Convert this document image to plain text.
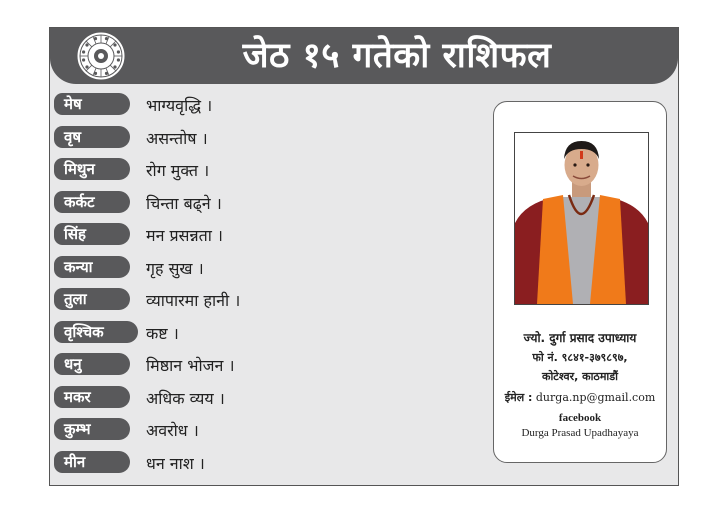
जेठ १५ गतेको राशिफल
मेष	भाग्यवृद्धि ।
वृष	असन्तोष ।
मिथुन	रोग मुक्त ।
कर्कट	चिन्ता बढ्ने ।
सिंह	मन प्रसन्नता ।
कन्या	गृह सुख ।
तुला	व्यापारमा हानी ।
वृश्चिक	कष्ट ।
धनु	मिष्ठान भोजन ।
मकर	अधिक व्यय ।
कुम्भ	अवरोध ।
मीन	धन नाश ।
ज्यो. दुर्गा प्रसाद उपाध्याय
फो नं. ९८४१-३७९८९७,
कोटेश्वर, काठमाडौं
ईमेल : durga.np@gmail.com
facebook
Durga Prasad Upadhayaya
